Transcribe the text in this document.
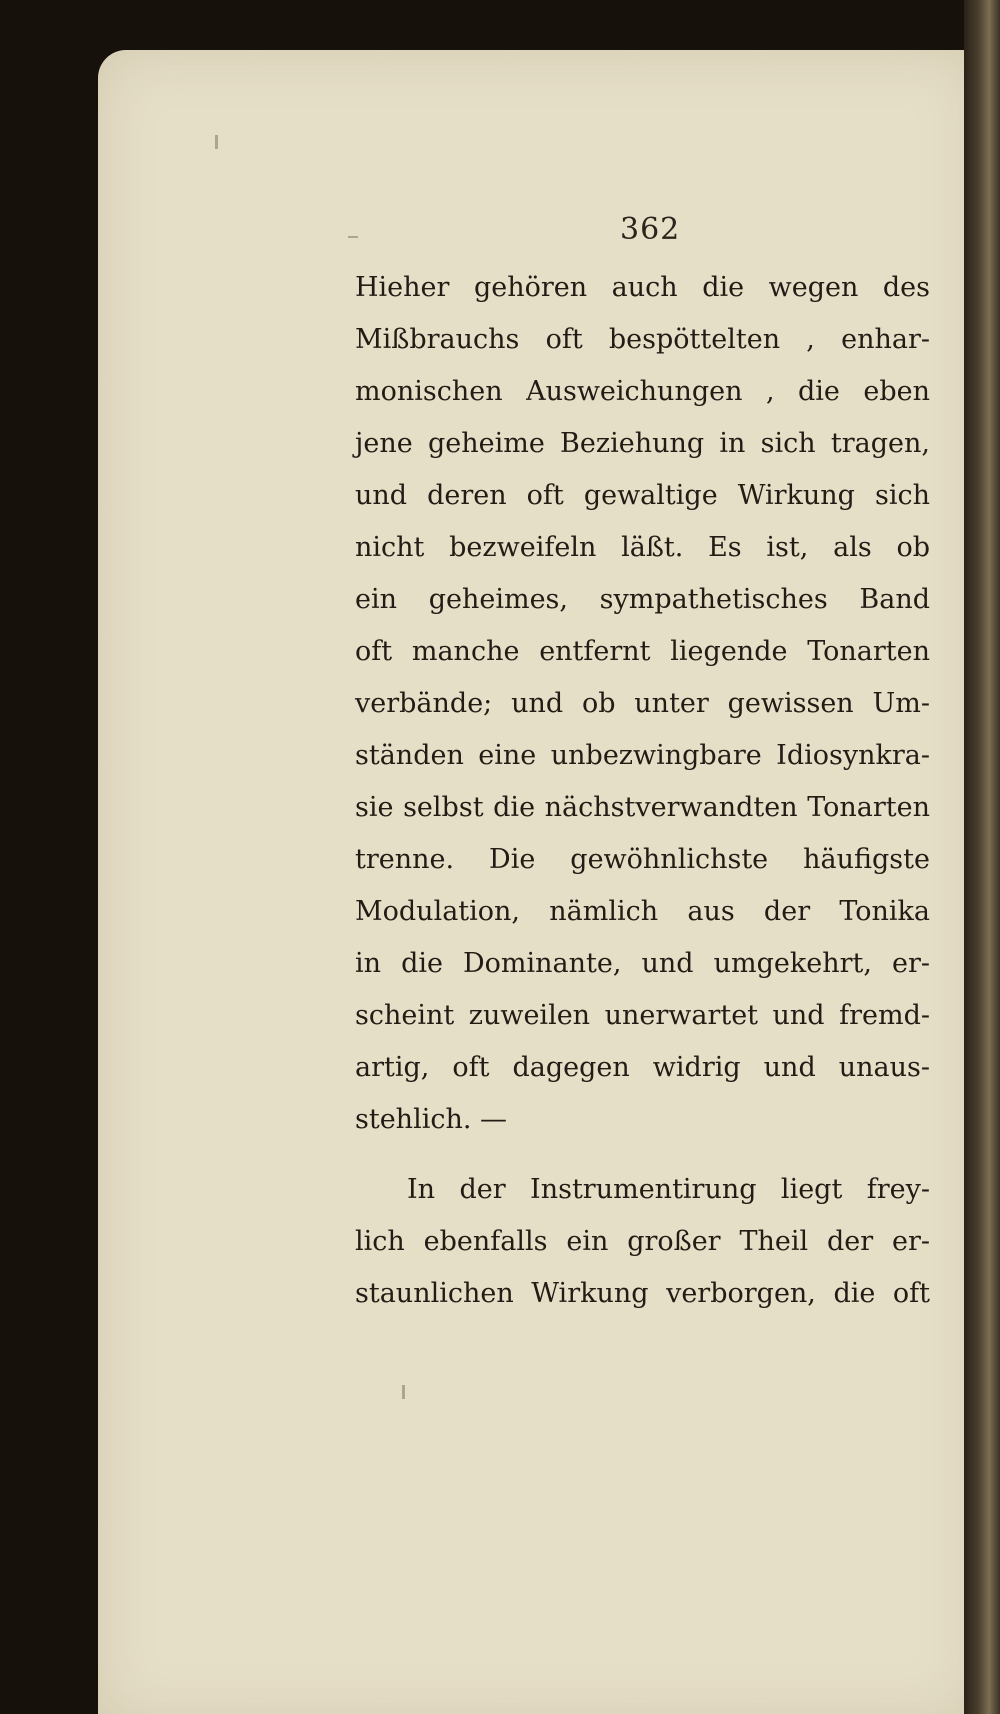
362
Hieher gehören auch die wegen des
Mißbrauchs oft bespöttelten , enhar-
monischen Ausweichungen , die eben
jene geheime Beziehung in sich tragen,
und deren oft gewaltige Wirkung sich
nicht bezweifeln läßt. Es ist, als ob
ein geheimes, sympathetisches Band
oft manche entfernt liegende Tonarten
verbände; und ob unter gewissen Um-
ständen eine unbezwingbare Idiosynkra-
sie selbst die nächstverwandten Tonarten
trenne. Die gewöhnlichste häufigste
Modulation, nämlich aus der Tonika
in die Dominante, und umgekehrt, er-
scheint zuweilen unerwartet und fremd-
artig, oft dagegen widrig und unaus-
stehlich. —
In der Instrumentirung liegt frey-
lich ebenfalls ein großer Theil der er-
staunlichen Wirkung verborgen, die oft
